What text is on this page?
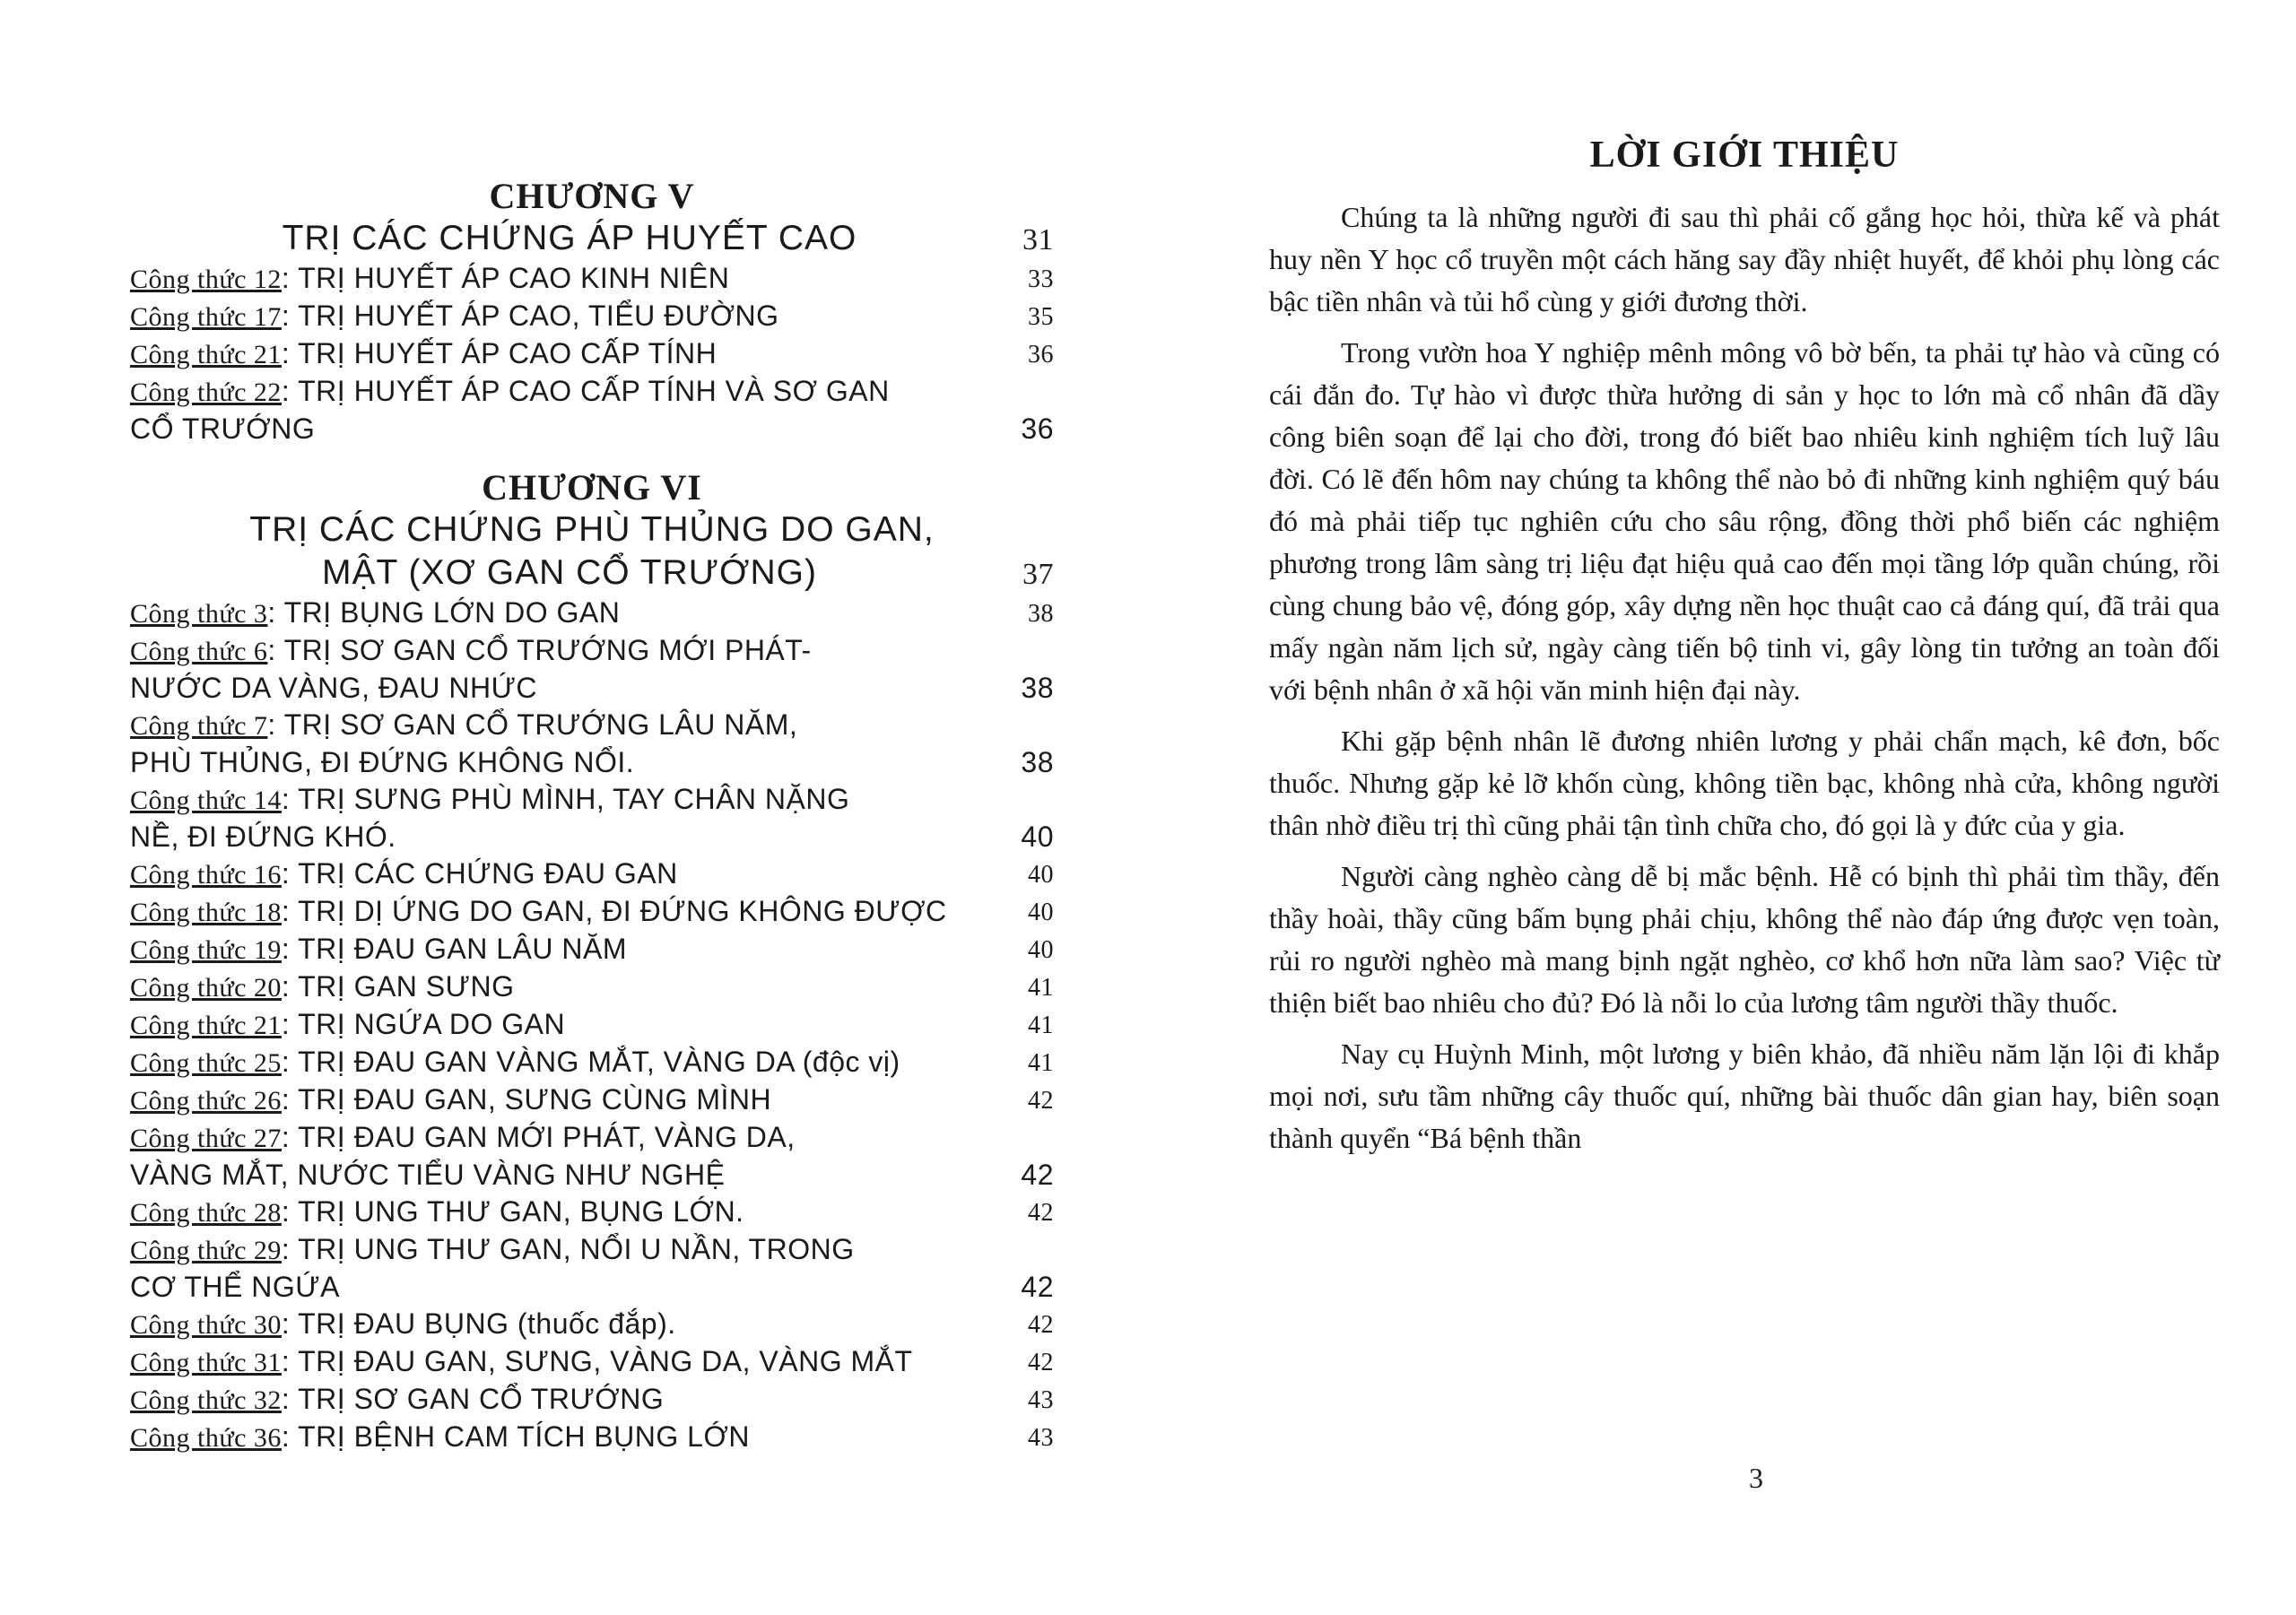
CHƯƠNG V
TRỊ CÁC CHỨNG ÁP HUYẾT CAO	31
Công thức 12: TRỊ HUYẾT ÁP CAO KINH NIÊN	33
Công thức 17: TRỊ HUYẾT ÁP CAO, TIỂU ĐƯỜNG	35
Công thức 21: TRỊ HUYẾT ÁP CAO CẤP TÍNH	36
Công thức 22: TRỊ HUYẾT ÁP CAO CẤP TÍNH VÀ SƠ GAN
CỔ TRƯỚNG	36
CHƯƠNG VI
TRỊ CÁC CHỨNG PHÙ THỦNG DO GAN,
MẬT (XƠ GAN CỔ TRƯỚNG)	37
Công thức 3: TRỊ BỤNG LỚN DO GAN	38
Công thức 6: TRỊ SƠ GAN CỔ TRƯỚNG MỚI PHÁT-
NƯỚC DA VÀNG, ĐAU NHỨC	38
Công thức 7: TRỊ SƠ GAN CỔ TRƯỚNG LÂU NĂM,
PHÙ THỦNG, ĐI ĐỨNG KHÔNG NỔI.	38
Công thức 14: TRỊ SƯNG PHÙ MÌNH, TAY CHÂN NẶNG
NỀ, ĐI ĐỨNG KHÓ.	40
Công thức 16: TRỊ CÁC CHỨNG ĐAU GAN	40
Công thức 18: TRỊ DỊ ỨNG DO GAN, ĐI ĐỨNG KHÔNG ĐƯỢC	40
Công thức 19: TRỊ ĐAU GAN LÂU NĂM	40
Công thức 20: TRỊ GAN SƯNG	41
Công thức 21: TRỊ NGỨA DO GAN	41
Công thức 25: TRỊ ĐAU GAN VÀNG MẮT, VÀNG DA (độc vị)	41
Công thức 26: TRỊ ĐAU GAN, SƯNG CÙNG MÌNH	42
Công thức 27: TRỊ ĐAU GAN MỚI PHÁT, VÀNG DA,
VÀNG MẮT, NƯỚC TIỂU VÀNG NHƯ NGHỆ	42
Công thức 28: TRỊ UNG THƯ GAN, BỤNG LỚN.	42
Công thức 29: TRỊ UNG THƯ GAN, NỔI U NẦN, TRONG
CƠ THỂ NGỨA	42
Công thức 30: TRỊ ĐAU BỤNG (thuốc đắp).	42
Công thức 31: TRỊ ĐAU GAN, SƯNG, VÀNG DA, VÀNG MẮT	42
Công thức 32: TRỊ SƠ GAN CỔ TRƯỚNG	43
Công thức 36: TRỊ BỆNH CAM TÍCH BỤNG LỚN	43
LỜI GIỚI THIỆU

Chúng ta là những người đi sau thì phải cố gắng học hỏi, thừa kế và phát huy nền Y học cổ truyền một cách hăng say đầy nhiệt huyết, để khỏi phụ lòng các bậc tiền nhân và tủi hổ cùng y giới đương thời.

Trong vườn hoa Y nghiệp mênh mông vô bờ bến, ta phải tự hào và cũng có cái đắn đo. Tự hào vì được thừa hưởng di sản y học to lớn mà cổ nhân đã dầy công biên soạn để lại cho đời, trong đó biết bao nhiêu kinh nghiệm tích luỹ lâu đời. Có lẽ đến hôm nay chúng ta không thể nào bỏ đi những kinh nghiệm quý báu đó mà phải tiếp tục nghiên cứu cho sâu rộng, đồng thời phổ biến các nghiệm phương trong lâm sàng trị liệu đạt hiệu quả cao đến mọi tầng lớp quần chúng, rồi cùng chung bảo vệ, đóng góp, xây dựng nền học thuật cao cả đáng quí, đã trải qua mấy ngàn năm lịch sử, ngày càng tiến bộ tinh vi, gây lòng tin tưởng an toàn đối với bệnh nhân ở xã hội văn minh hiện đại này.

Khi gặp bệnh nhân lẽ đương nhiên lương y phải chẩn mạch, kê đơn, bốc thuốc. Nhưng gặp kẻ lỡ khốn cùng, không tiền bạc, không nhà cửa, không người thân nhờ điều trị thì cũng phải tận tình chữa cho, đó gọi là y đức của y gia.

Người càng nghèo càng dễ bị mắc bệnh. Hễ có bịnh thì phải tìm thầy, đến thầy hoài, thầy cũng bấm bụng phải chịu, không thể nào đáp ứng được vẹn toàn, rủi ro người nghèo mà mang bịnh ngặt nghèo, cơ khổ hơn nữa làm sao? Việc từ thiện biết bao nhiêu cho đủ? Đó là nỗi lo của lương tâm người thầy thuốc.

Nay cụ Huỳnh Minh, một lương y biên khảo, đã nhiều năm lặn lội đi khắp mọi nơi, sưu tầm những cây thuốc quí, những bài thuốc dân gian hay, biên soạn thành quyển “Bá bệnh thần

3
